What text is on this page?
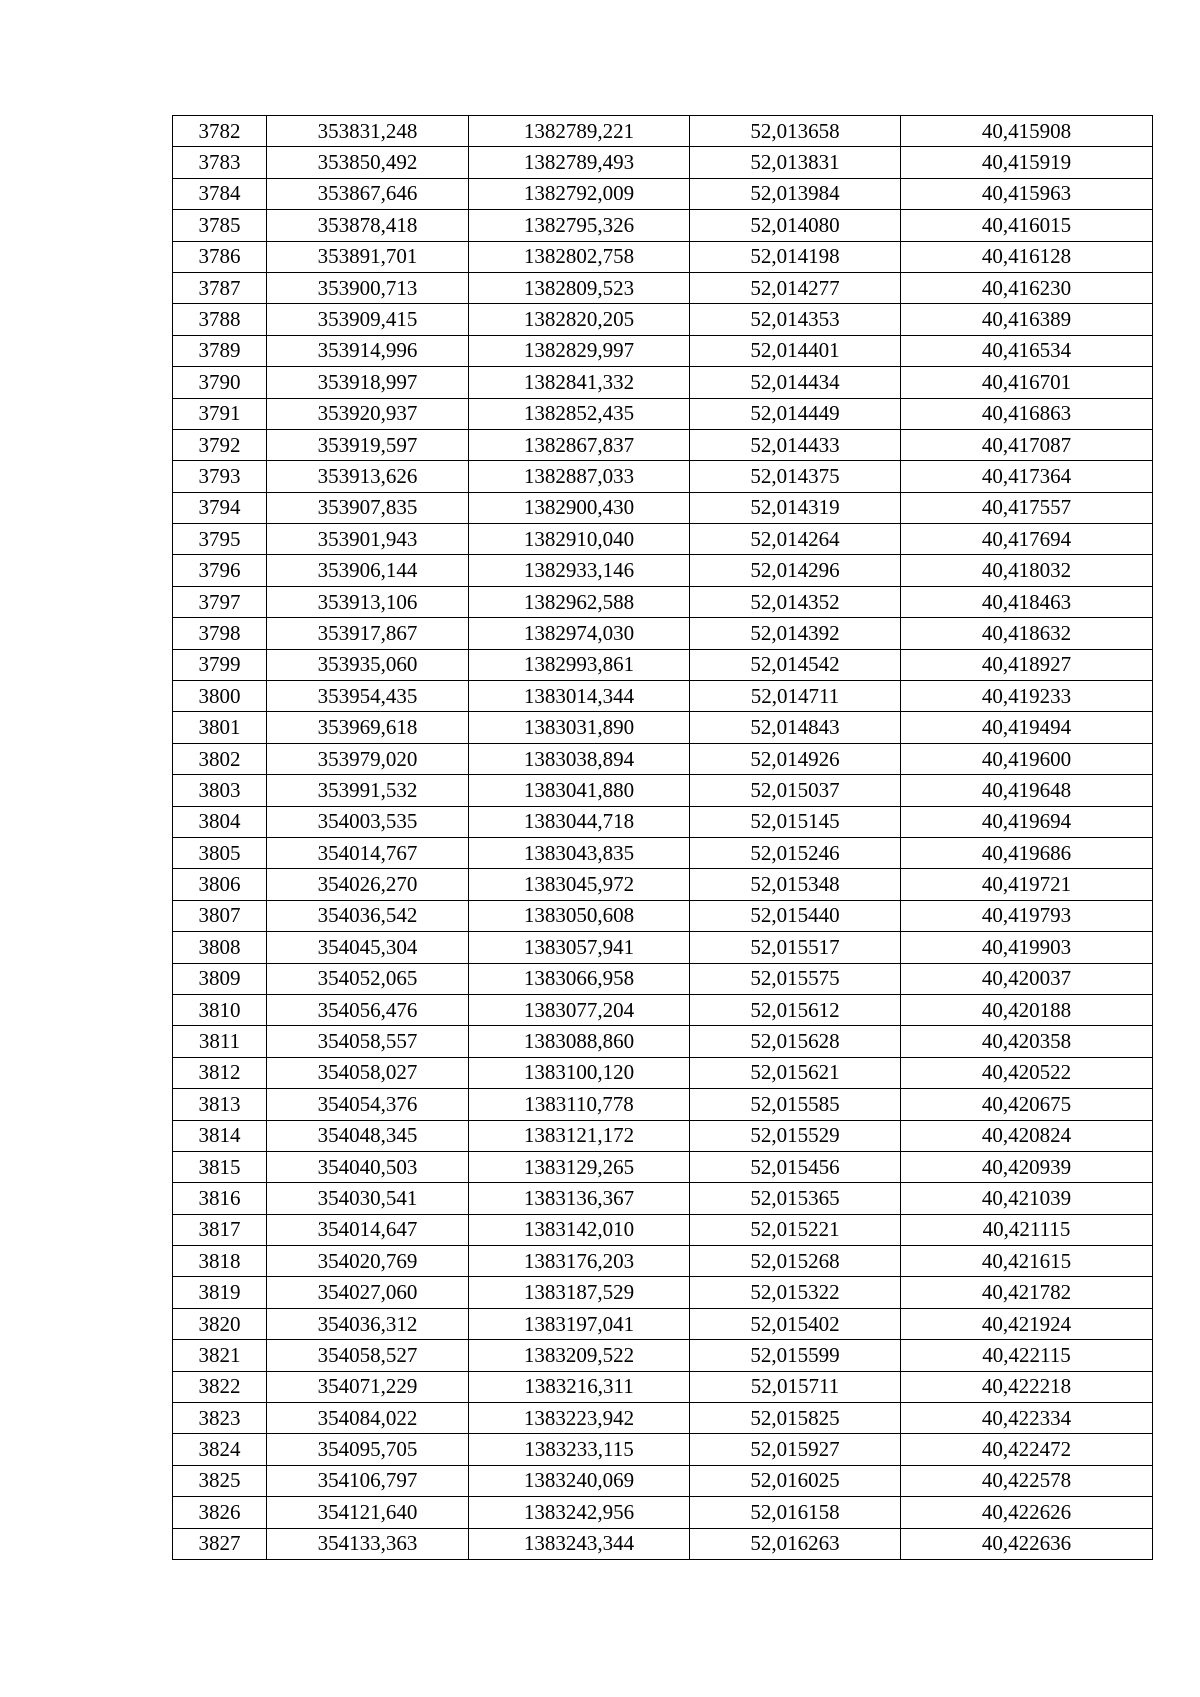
3782	353831,248	1382789,221	52,013658	40,415908
3783	353850,492	1382789,493	52,013831	40,415919
3784	353867,646	1382792,009	52,013984	40,415963
3785	353878,418	1382795,326	52,014080	40,416015
3786	353891,701	1382802,758	52,014198	40,416128
3787	353900,713	1382809,523	52,014277	40,416230
3788	353909,415	1382820,205	52,014353	40,416389
3789	353914,996	1382829,997	52,014401	40,416534
3790	353918,997	1382841,332	52,014434	40,416701
3791	353920,937	1382852,435	52,014449	40,416863
3792	353919,597	1382867,837	52,014433	40,417087
3793	353913,626	1382887,033	52,014375	40,417364
3794	353907,835	1382900,430	52,014319	40,417557
3795	353901,943	1382910,040	52,014264	40,417694
3796	353906,144	1382933,146	52,014296	40,418032
3797	353913,106	1382962,588	52,014352	40,418463
3798	353917,867	1382974,030	52,014392	40,418632
3799	353935,060	1382993,861	52,014542	40,418927
3800	353954,435	1383014,344	52,014711	40,419233
3801	353969,618	1383031,890	52,014843	40,419494
3802	353979,020	1383038,894	52,014926	40,419600
3803	353991,532	1383041,880	52,015037	40,419648
3804	354003,535	1383044,718	52,015145	40,419694
3805	354014,767	1383043,835	52,015246	40,419686
3806	354026,270	1383045,972	52,015348	40,419721
3807	354036,542	1383050,608	52,015440	40,419793
3808	354045,304	1383057,941	52,015517	40,419903
3809	354052,065	1383066,958	52,015575	40,420037
3810	354056,476	1383077,204	52,015612	40,420188
3811	354058,557	1383088,860	52,015628	40,420358
3812	354058,027	1383100,120	52,015621	40,420522
3813	354054,376	1383110,778	52,015585	40,420675
3814	354048,345	1383121,172	52,015529	40,420824
3815	354040,503	1383129,265	52,015456	40,420939
3816	354030,541	1383136,367	52,015365	40,421039
3817	354014,647	1383142,010	52,015221	40,421115
3818	354020,769	1383176,203	52,015268	40,421615
3819	354027,060	1383187,529	52,015322	40,421782
3820	354036,312	1383197,041	52,015402	40,421924
3821	354058,527	1383209,522	52,015599	40,422115
3822	354071,229	1383216,311	52,015711	40,422218
3823	354084,022	1383223,942	52,015825	40,422334
3824	354095,705	1383233,115	52,015927	40,422472
3825	354106,797	1383240,069	52,016025	40,422578
3826	354121,640	1383242,956	52,016158	40,422626
3827	354133,363	1383243,344	52,016263	40,422636
